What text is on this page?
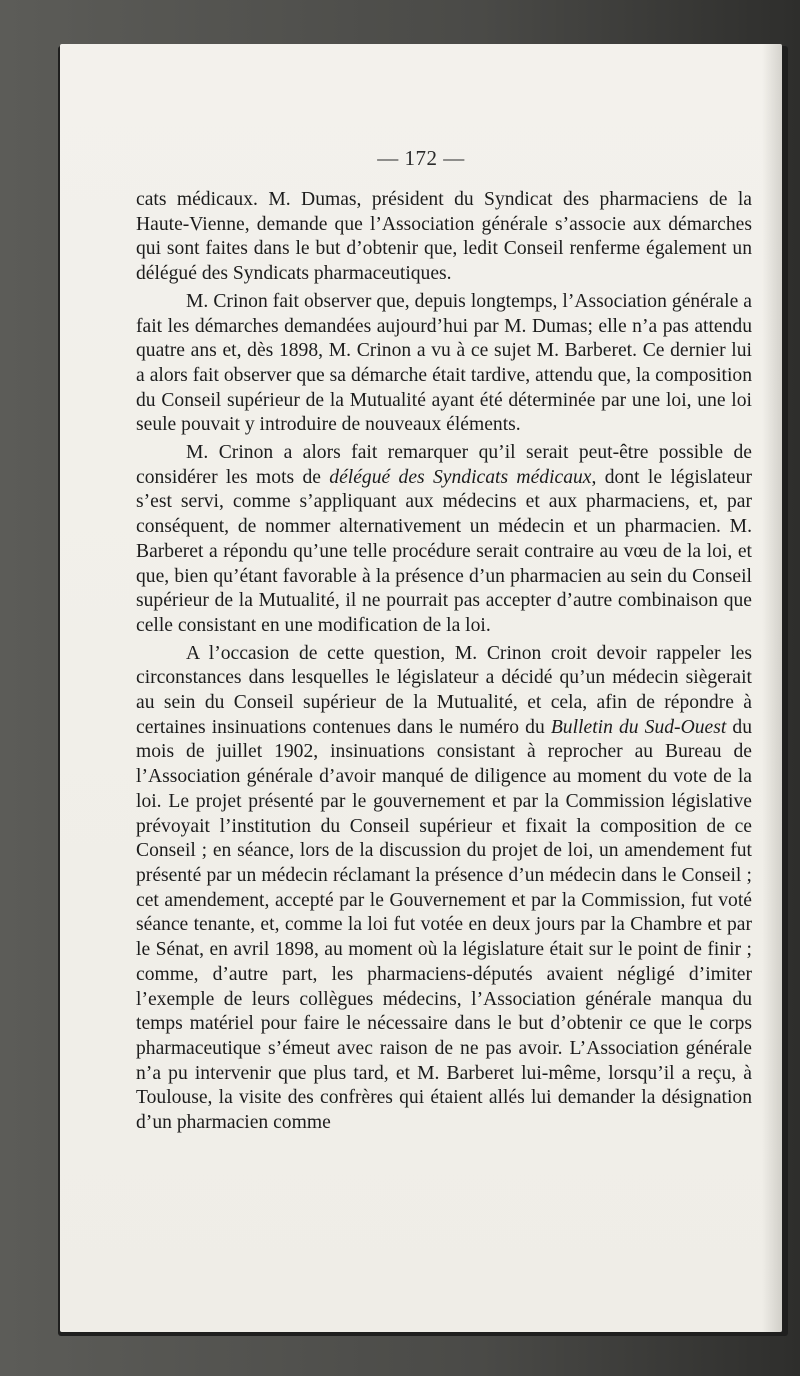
— 172 —

cats médicaux. M. Dumas, président du Syndicat des pharmaciens de la Haute-Vienne, demande que l’Association générale s’associe aux démarches qui sont faites dans le but d’obtenir que, ledit Conseil renferme également un délégué des Syndicats pharmaceutiques.

M. Crinon fait observer que, depuis longtemps, l’Association générale a fait les démarches demandées aujourd’hui par M. Dumas; elle n’a pas attendu quatre ans et, dès 1898, M. Crinon a vu à ce sujet M. Barberet. Ce dernier lui a alors fait observer que sa démarche était tardive, attendu que, la composition du Conseil supérieur de la Mutualité ayant été déterminée par une loi, une loi seule pouvait y introduire de nouveaux éléments.

M. Crinon a alors fait remarquer qu’il serait peut-être possible de considérer les mots de délégué des Syndicats médicaux, dont le législateur s’est servi, comme s’appliquant aux médecins et aux pharmaciens, et, par conséquent, de nommer alternativement un médecin et un pharmacien. M. Barberet a répondu qu’une telle procédure serait contraire au vœu de la loi, et que, bien qu’étant favorable à la présence d’un pharmacien au sein du Conseil supérieur de la Mutualité, il ne pourrait pas accepter d’autre combinaison que celle consistant en une modification de la loi.

A l’occasion de cette question, M. Crinon croit devoir rappeler les circonstances dans lesquelles le législateur a décidé qu’un médecin siègerait au sein du Conseil supérieur de la Mutualité, et cela, afin de répondre à certaines insinuations contenues dans le numéro du Bulletin du Sud-Ouest du mois de juillet 1902, insinuations consistant à reprocher au Bureau de l’Association générale d’avoir manqué de diligence au moment du vote de la loi. Le projet présenté par le gouvernement et par la Commission législative prévoyait l’institution du Conseil supérieur et fixait la composition de ce Conseil ; en séance, lors de la discussion du projet de loi, un amendement fut présenté par un médecin réclamant la présence d’un médecin dans le Conseil ; cet amendement, accepté par le Gouvernement et par la Commission, fut voté séance tenante, et, comme la loi fut votée en deux jours par la Chambre et par le Sénat, en avril 1898, au moment où la législature était sur le point de finir ; comme, d’autre part, les pharmaciens-députés avaient négligé d’imiter l’exemple de leurs collègues médecins, l’Association générale manqua du temps matériel pour faire le nécessaire dans le but d’obtenir ce que le corps pharmaceutique s’émeut avec raison de ne pas avoir. L’Association générale n’a pu intervenir que plus tard, et M. Barberet lui-même, lorsqu’il a reçu, à Toulouse, la visite des confrères qui étaient allés lui demander la désignation d’un pharmacien comme
